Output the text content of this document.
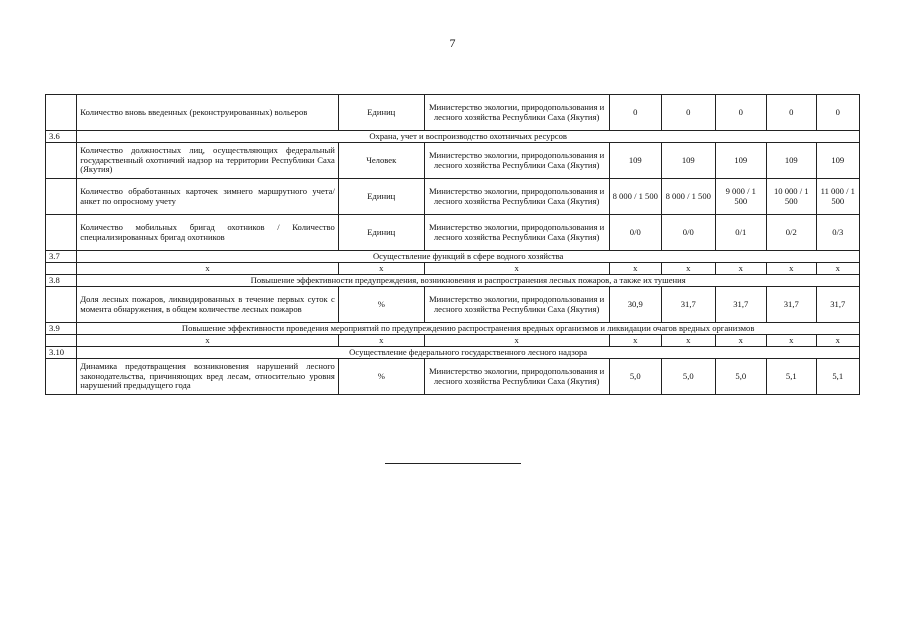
7
	Количество вновь введенных (реконструированных) вольеров	Единиц	Министерство экологии, природопользования и лесного хозяйства Республики Саха (Якутия)	0	0	0	0	0
3.6	Охрана, учет и воспроизводство охотничьих ресурсов							
	Количество должностных лиц, осуществляющих федеральный государственный охотничий надзор на территории Республики Саха (Якутия)	Человек	Министерство экологии, природопользования и лесного хозяйства Республики Саха (Якутия)	109	109	109	109	109
	Количество обработанных карточек зимнего маршрутного учета/анкет по опросному учету	Единиц	Министерство экологии, природопользования и лесного хозяйства Республики Саха (Якутия)	8 000 / 1 500	8 000 / 1 500	9 000 / 1 500	10 000 / 1 500	11 000 / 1 500
	Количество мобильных бригад охотников / Количество специализированных бригад охотников	Единиц	Министерство экологии, природопользования и лесного хозяйства Республики Саха (Якутия)	0/0	0/0	0/1	0/2	0/3
3.7	Осуществление функций в сфере водного хозяйства							
	х	х	х	х	х	х	х	х
3.8	Повышение эффективности предупреждения, возникновения и распространения лесных пожаров, а также их тушения							
	Доля лесных пожаров, ликвидированных в течение первых суток с момента обнаружения, в общем количестве лесных пожаров	%	Министерство экологии, природопользования и лесного хозяйства Республики Саха (Якутия)	30,9	31,7	31,7	31,7	31,7
3.9	Повышение эффективности проведения мероприятий по предупреждению распространения вредных организмов и ликвидации очагов вредных организмов							
	х	х	х	х	х	х	х	х
3.10	Осуществление федерального государственного лесного надзора							
	Динамика предотвращения возникновения нарушений лесного законодательства, причиняющих вред лесам, относительно уровня нарушений предыдущего года	%	Министерство экологии, природопользования и лесного хозяйства Республики Саха (Якутия)	5,0	5,0	5,0	5,1	5,1
